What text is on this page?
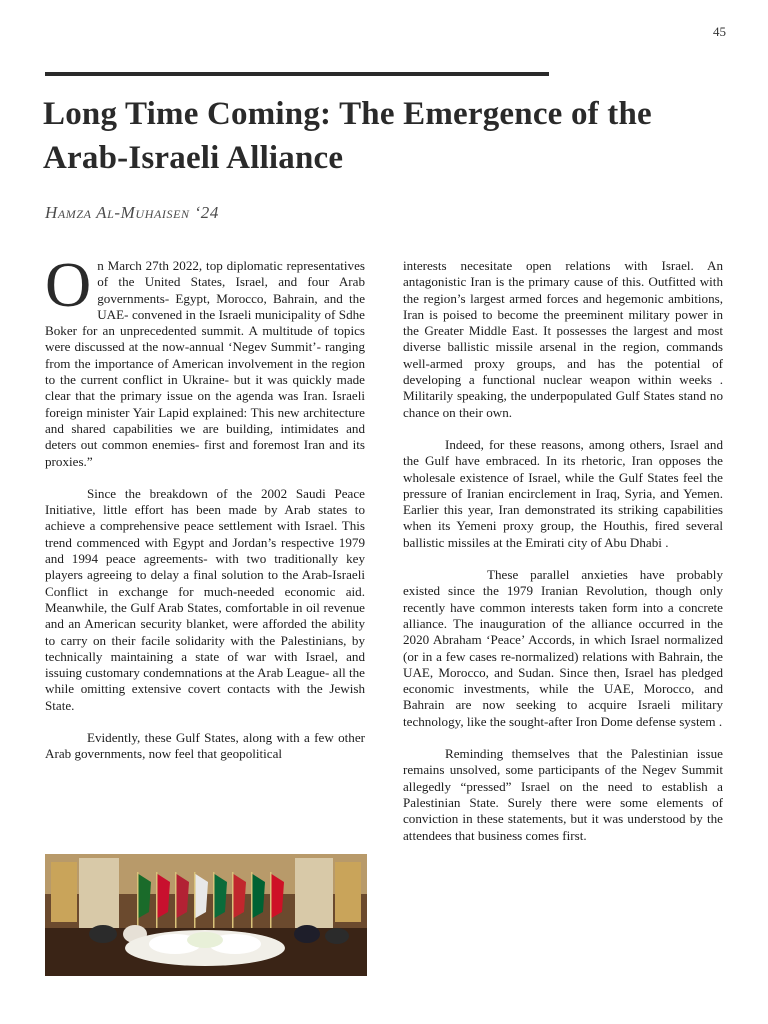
45
Long Time Coming: The Emergence of the Arab-Israeli Alliance
Hamza Al-Muhaisen ‘24

On March 27th 2022, top diplomatic representatives of the United States, Israel, and four Arab governments- Egypt, Morocco, Bahrain, and the UAE- convened in the Israeli municipality of Sdhe Boker for an unprecedented summit. A multitude of topics were discussed at the now-annual ‘Negev Summit’- ranging from the importance of American involvement in the region to the current conflict in Ukraine- but it was quickly made clear that the primary issue on the agenda was Iran. Israeli foreign minister Yair Lapid explained: This new architecture and shared capabilities we are building, intimidates and deters out common enemies- first and foremost Iran and its proxies.”

Since the breakdown of the 2002 Saudi Peace Initiative, little effort has been made by Arab states to achieve a comprehensive peace settlement with Israel. This trend commenced with Egypt and Jordan’s respective 1979 and 1994 peace agreements- with two traditionally key players agreeing to delay a final solution to the Arab-Israeli Conflict in exchange for much-needed economic aid. Meanwhile, the Gulf Arab States, comfortable in oil revenue and an American security blanket, were afforded the ability to carry on their facile solidarity with the Palestinians, by technically maintaining a state of war with Israel, and issuing customary condemnations at the Arab League- all the while omitting extensive covert contacts with the Jewish State.

Evidently, these Gulf States, along with a few other Arab governments, now feel that geopolitical

interests necesitate open relations with Israel. An antagonistic Iran is the primary cause of this. Outfitted with the region’s largest armed forces and hegemonic ambitions, Iran is poised to become the preeminent military power in the Greater Middle East. It possesses the largest and most diverse ballistic missile arsenal in the region, commands well-armed proxy groups, and has the potential of developing a functional nuclear weapon within weeks . Militarily speaking, the underpopulated Gulf States stand no chance on their own.

Indeed, for these reasons, among others, Israel and the Gulf have embraced. In its rhetoric, Iran opposes the wholesale existence of Israel, while the Gulf States feel the pressure of Iranian encirclement in Iraq, Syria, and Yemen. Earlier this year, Iran demonstrated its striking capabilities when its Yemeni proxy group, the Houthis, fired several ballistic missiles at the Emirati city of Abu Dhabi .

These parallel anxieties have probably existed since the 1979 Iranian Revolution, though only recently have common interests taken form into a concrete alliance. The inauguration of the alliance occurred in the 2020 Abraham ‘Peace’ Accords, in which Israel normalized (or in a few cases re-normalized) relations with Bahrain, the UAE, Morocco, and Sudan. Since then, Israel has pledged economic investments, while the UAE, Morocco, and Bahrain are now seeking to acquire Israeli military technology, like the sought-after Iron Dome defense system .

Reminding themselves that the Palestinian issue remains unsolved, some participants of the Negev Summit allegedly “pressed” Israel on the need to establish a Palestinian State. Surely there were some elements of conviction in these statements, but it was understood by the attendees that business comes first.
